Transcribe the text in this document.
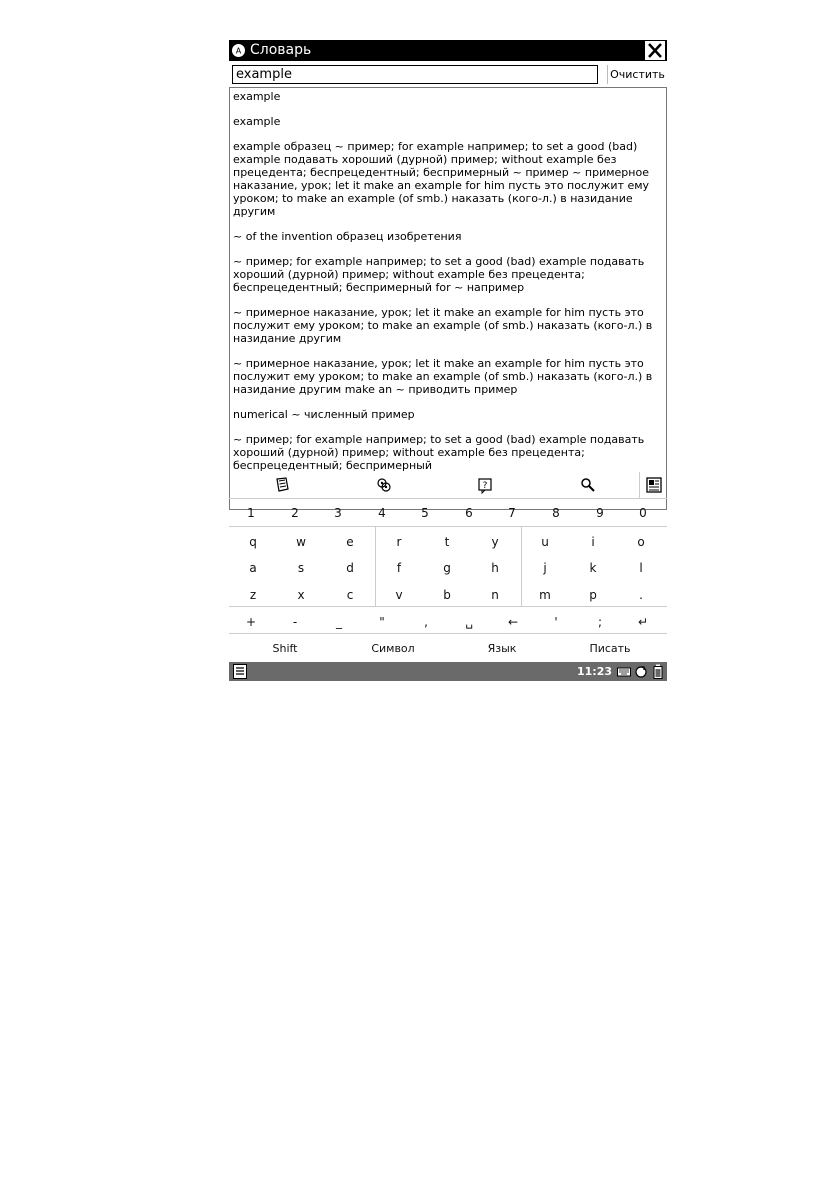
A Словарь
example
Очистить

example

example

example образец ~ пример; for example например; to set a good (bad) example подавать хороший (дурной) пример; without example без прецедента; беспрецедентный; беспримерный ~ пример ~ примерное наказание, урок; let it make an example for him пусть это послужит ему уроком; to make an example (of smb.) наказать (кого-л.) в назидание другим

~ of the invention образец изобретения

~ пример; for example например; to set a good (bad) example подавать хороший (дурной) пример; without example без прецедента; беспрецедентный; беспримерный for ~ например

~ примерное наказание, урок; let it make an example for him пусть это послужит ему уроком; to make an example (of smb.) наказать (кого-л.) в назидание другим

~ примерное наказание, урок; let it make an example for him пусть это послужит ему уроком; to make an example (of smb.) наказать (кого-л.) в назидание другим make an ~ приводить пример

numerical ~ численный пример

~ пример; for example например; to set a good (bad) example подавать хороший (дурной) пример; without example без прецедента; беспрецедентный; беспримерный

?
1	2	3	4	5	6	7	8	9	0
q	w	e	r	t	y	u	i	o
a	s	d	f	g	h	j	k	l
z	x	c	v	b	n	m	p	.
+	-	_	"	,	␣	←	'	;	↵
Shift	Символ	Язык	Писать
11:23
